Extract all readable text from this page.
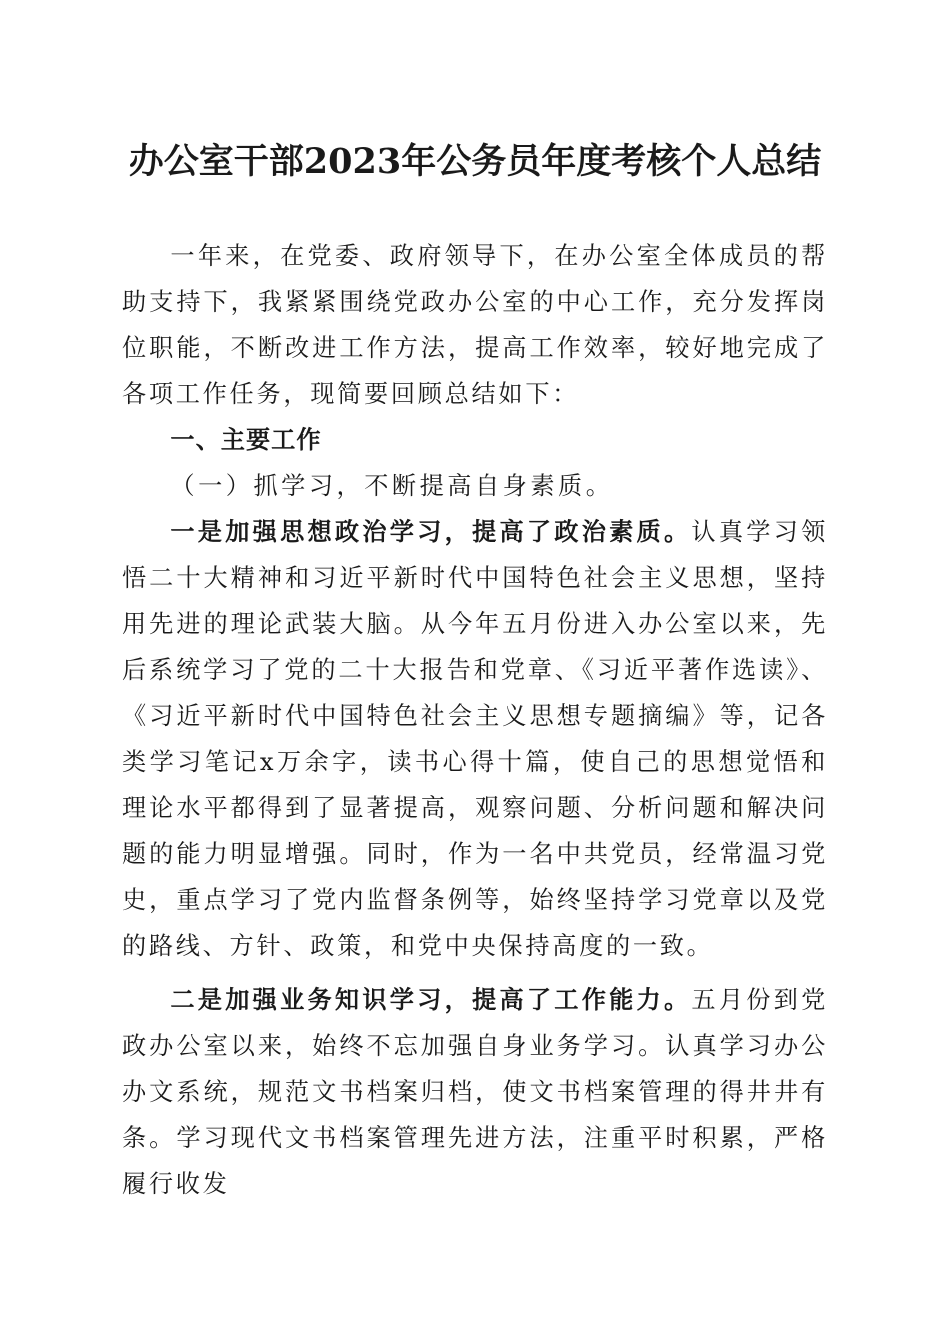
办公室干部2023年公务员年度考核个人总结

一年来，在党委、政府领导下，在办公室全体成员的帮助支持下，我紧紧围绕党政办公室的中心工作，充分发挥岗位职能，不断改进工作方法，提高工作效率，较好地完成了各项工作任务，现简要回顾总结如下：

一、主要工作

（一）抓学习，不断提高自身素质。

一是加强思想政治学习，提高了政治素质。认真学习领悟二十大精神和习近平新时代中国特色社会主义思想，坚持用先进的理论武装大脑。从今年五月份进入办公室以来，先后系统学习了党的二十大报告和党章、《习近平著作选读》、《习近平新时代中国特色社会主义思想专题摘编》等，记各类学习笔记x万余字，读书心得十篇，使自己的思想觉悟和理论水平都得到了显著提高，观察问题、分析问题和解决问题的能力明显增强。同时，作为一名中共党员，经常温习党史，重点学习了党内监督条例等，始终坚持学习党章以及党的路线、方针、政策，和党中央保持高度的一致。

二是加强业务知识学习，提高了工作能力。五月份到党政办公室以来，始终不忘加强自身业务学习。认真学习办公办文系统，规范文书档案归档，使文书档案管理的得井井有条。学习现代文书档案管理先进方法，注重平时积累，严格履行收发
